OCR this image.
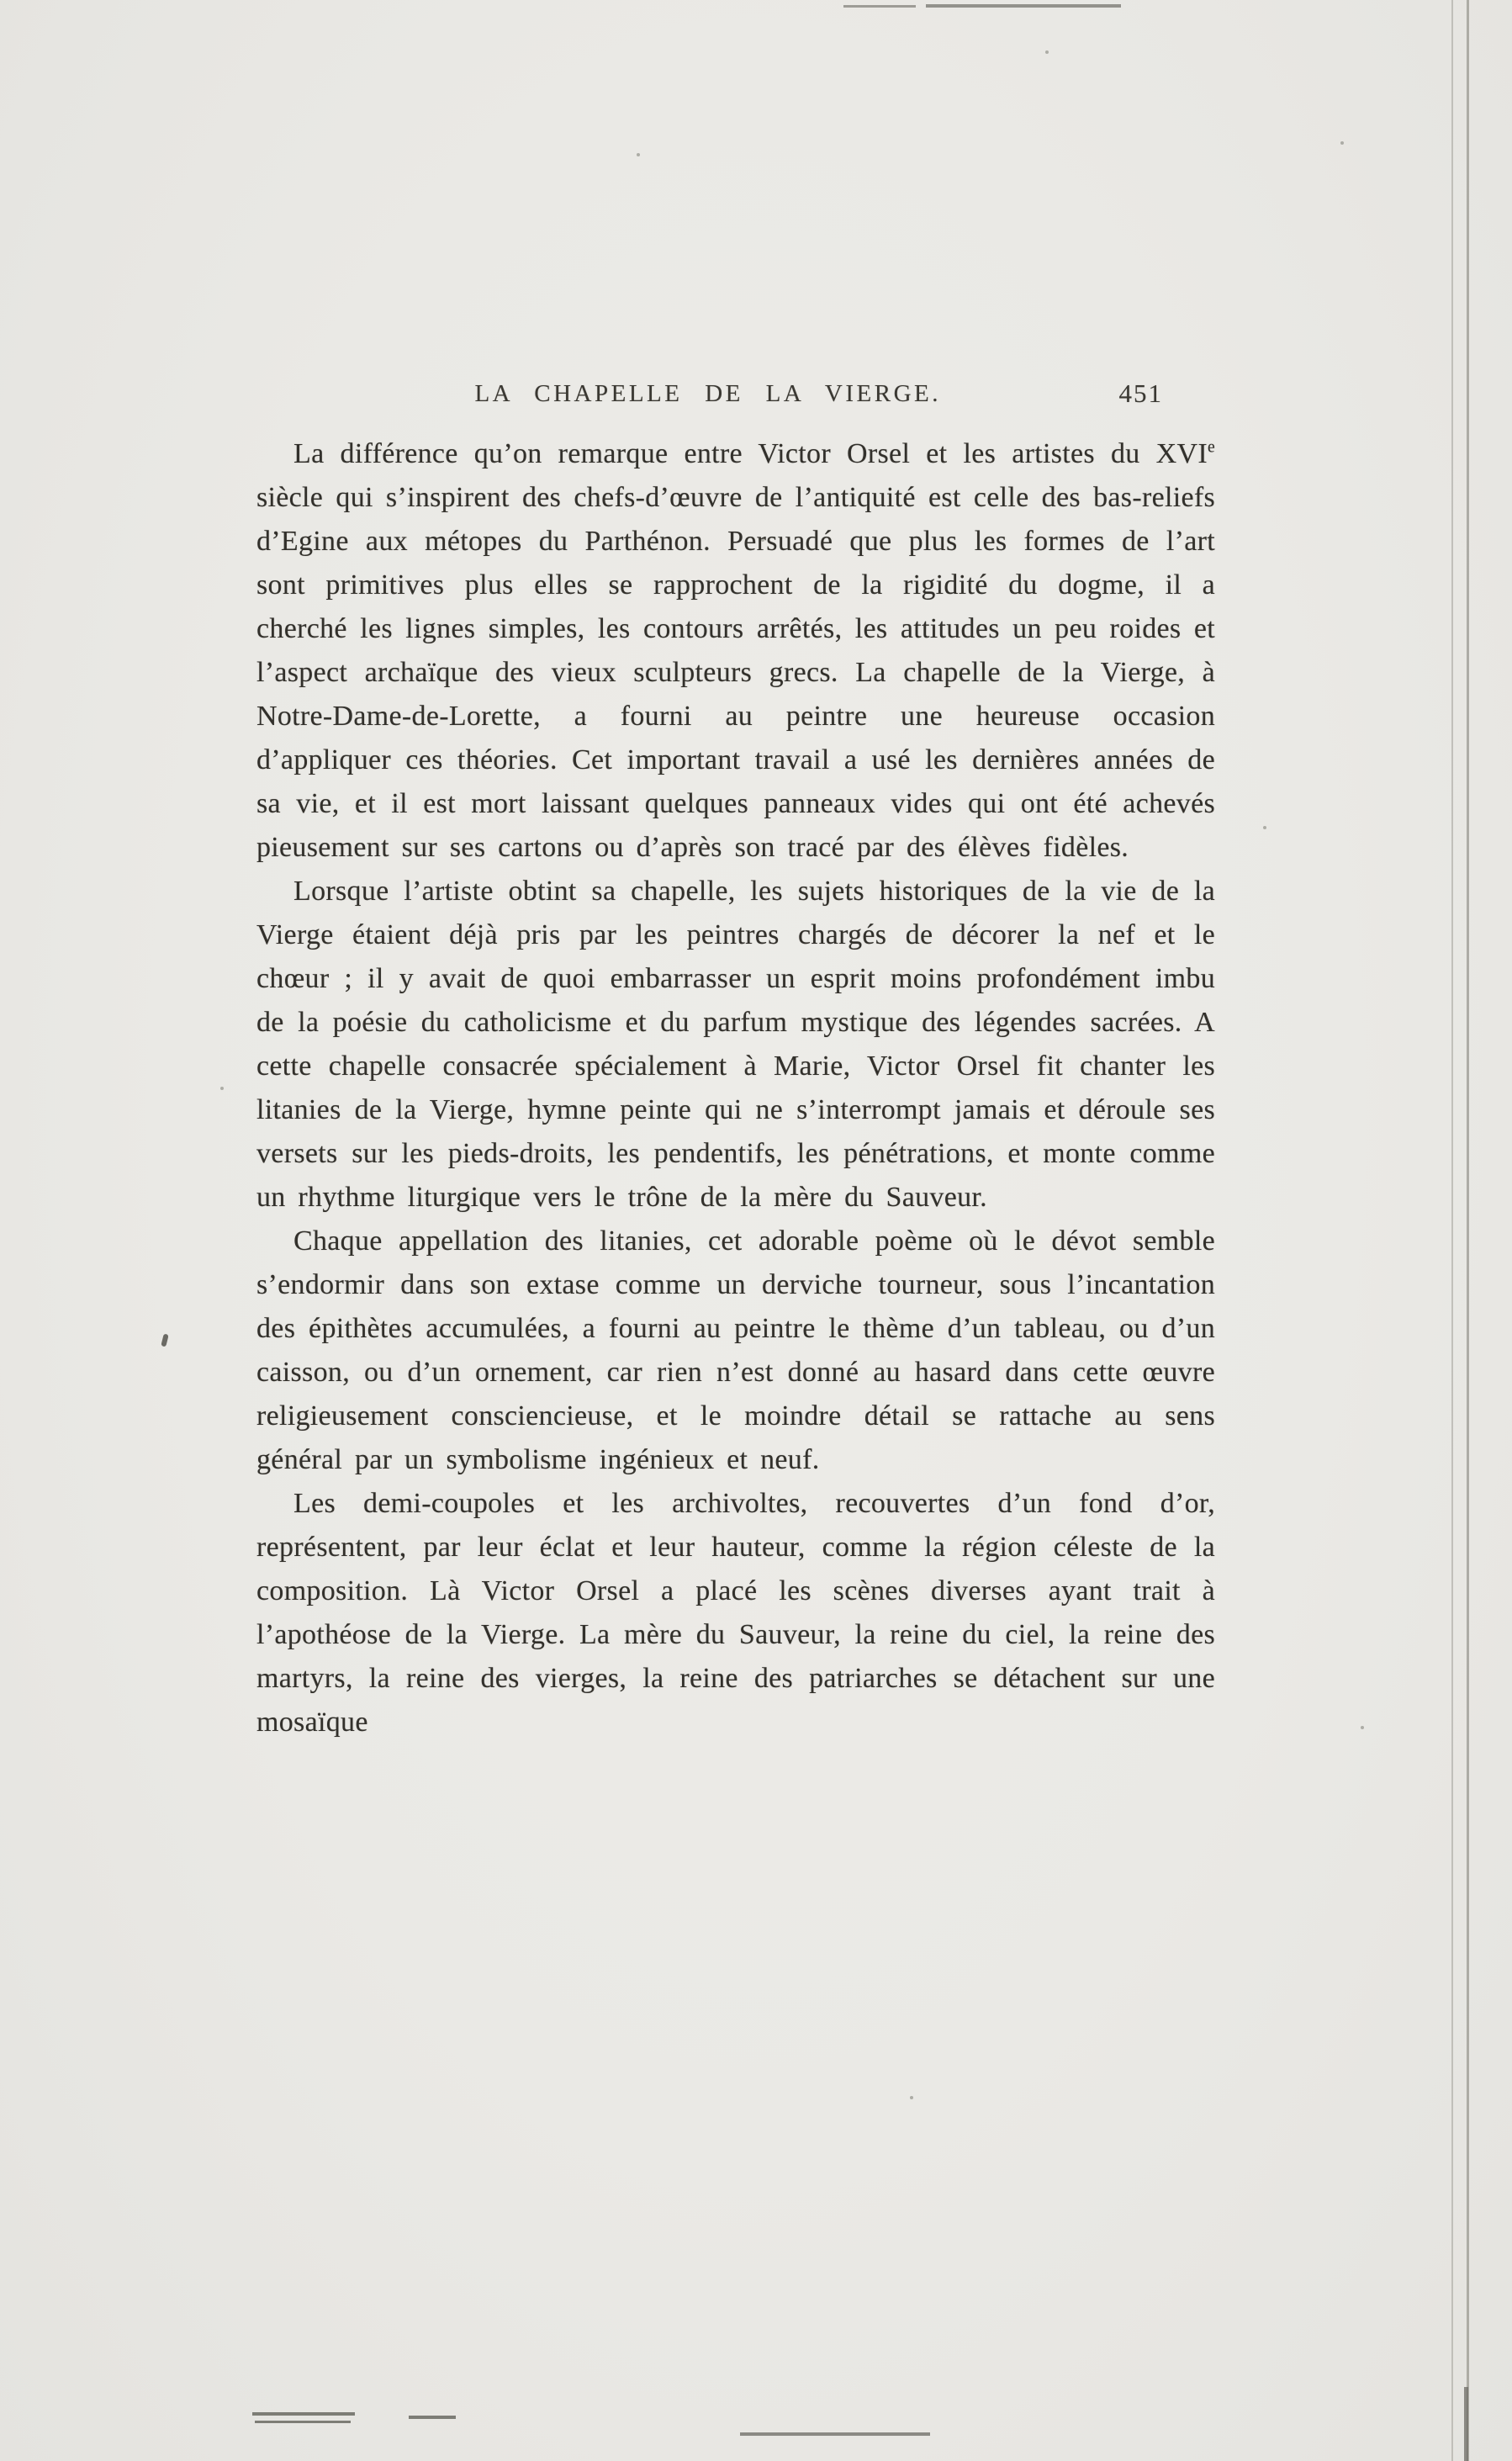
LA CHAPELLE DE LA VIERGE.	451

La différence qu’on remarque entre Victor Orsel et les artistes du XVIe siècle qui s’inspirent des chefs-d’œuvre de l’antiquité est celle des bas-reliefs d’Egine aux métopes du Parthénon. Persuadé que plus les formes de l’art sont primitives plus elles se rapprochent de la rigidité du dogme, il a cherché les lignes simples, les contours arrêtés, les attitudes un peu roides et l’aspect archaïque des vieux sculpteurs grecs. La chapelle de la Vierge, à Notre-Dame-de-Lorette, a fourni au peintre une heureuse occasion d’appliquer ces théories. Cet important travail a usé les dernières années de sa vie, et il est mort laissant quelques panneaux vides qui ont été achevés pieusement sur ses cartons ou d’après son tracé par des élèves fidèles.

Lorsque l’artiste obtint sa chapelle, les sujets historiques de la vie de la Vierge étaient déjà pris par les peintres chargés de décorer la nef et le chœur ; il y avait de quoi embarrasser un esprit moins profondément imbu de la poésie du catholicisme et du parfum mystique des légendes sacrées. A cette chapelle consacrée spécialement à Marie, Victor Orsel fit chanter les litanies de la Vierge, hymne peinte qui ne s’interrompt jamais et déroule ses versets sur les pieds-droits, les pendentifs, les pénétrations, et monte comme un rhythme liturgique vers le trône de la mère du Sauveur.

Chaque appellation des litanies, cet adorable poème où le dévot semble s’endormir dans son extase comme un derviche tourneur, sous l’incantation des épithètes accumulées, a fourni au peintre le thème d’un tableau, ou d’un caisson, ou d’un ornement, car rien n’est donné au hasard dans cette œuvre religieusement consciencieuse, et le moindre détail se rattache au sens général par un symbolisme ingénieux et neuf.

Les demi-coupoles et les archivoltes, recouvertes d’un fond d’or, représentent, par leur éclat et leur hauteur, comme la région céleste de la composition. Là Victor Orsel a placé les scènes diverses ayant trait à l’apothéose de la Vierge. La mère du Sauveur, la reine du ciel, la reine des martyrs, la reine des vierges, la reine des patriarches se détachent sur une mosaïque
